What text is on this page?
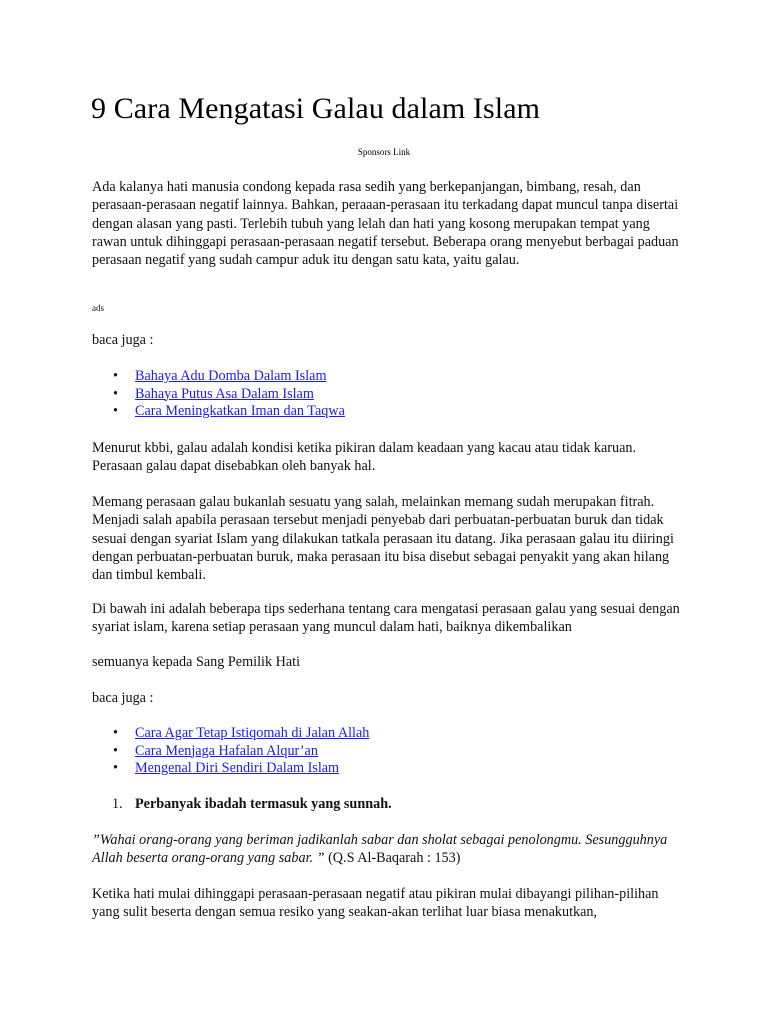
9 Cara Mengatasi Galau dalam Islam
Sponsors Link

Ada kalanya hati manusia condong kepada rasa sedih yang berkepanjangan, bimbang, resah, dan perasaan-perasaan negatif lainnya. Bahkan, peraaan-perasaan itu terkadang dapat muncul tanpa disertai dengan alasan yang pasti. Terlebih tubuh yang lelah dan hati yang kosong merupakan tempat yang rawan untuk dihinggapi perasaan-perasaan negatif tersebut. Beberapa orang menyebut berbagai paduan perasaan negatif yang sudah campur aduk itu dengan satu kata, yaitu galau.

ads

baca juga :

• Bahaya Adu Domba Dalam Islam
• Bahaya Putus Asa Dalam Islam
• Cara Meningkatkan Iman dan Taqwa

Menurut kbbi, galau adalah kondisi ketika pikiran dalam keadaan yang kacau atau tidak karuan. Perasaan galau dapat disebabkan oleh banyak hal.

Memang perasaan galau bukanlah sesuatu yang salah, melainkan memang sudah merupakan fitrah. Menjadi salah apabila perasaan tersebut menjadi penyebab dari perbuatan-perbuatan buruk dan tidak sesuai dengan syariat Islam yang dilakukan tatkala perasaan itu datang. Jika perasaan galau itu diiringi dengan perbuatan-perbuatan buruk, maka perasaan itu bisa disebut sebagai penyakit yang akan hilang dan timbul kembali.

Di bawah ini adalah beberapa tips sederhana tentang cara mengatasi perasaan galau yang sesuai dengan syariat islam, karena setiap perasaan yang muncul dalam hati, baiknya dikembalikan

semuanya kepada Sang Pemilik Hati

baca juga :

• Cara Agar Tetap Istiqomah di Jalan Allah
• Cara Menjaga Hafalan Alqur’an
• Mengenal Diri Sendiri Dalam Islam

1. Perbanyak ibadah termasuk yang sunnah.

”Wahai orang-orang yang beriman jadikanlah sabar dan sholat sebagai penolongmu. Sesungguhnya Allah beserta orang-orang yang sabar. ” (Q.S Al-Baqarah : 153)

Ketika hati mulai dihinggapi perasaan-perasaan negatif atau pikiran mulai dibayangi pilihan-pilihan yang sulit beserta dengan semua resiko yang seakan-akan terlihat luar biasa menakutkan,
